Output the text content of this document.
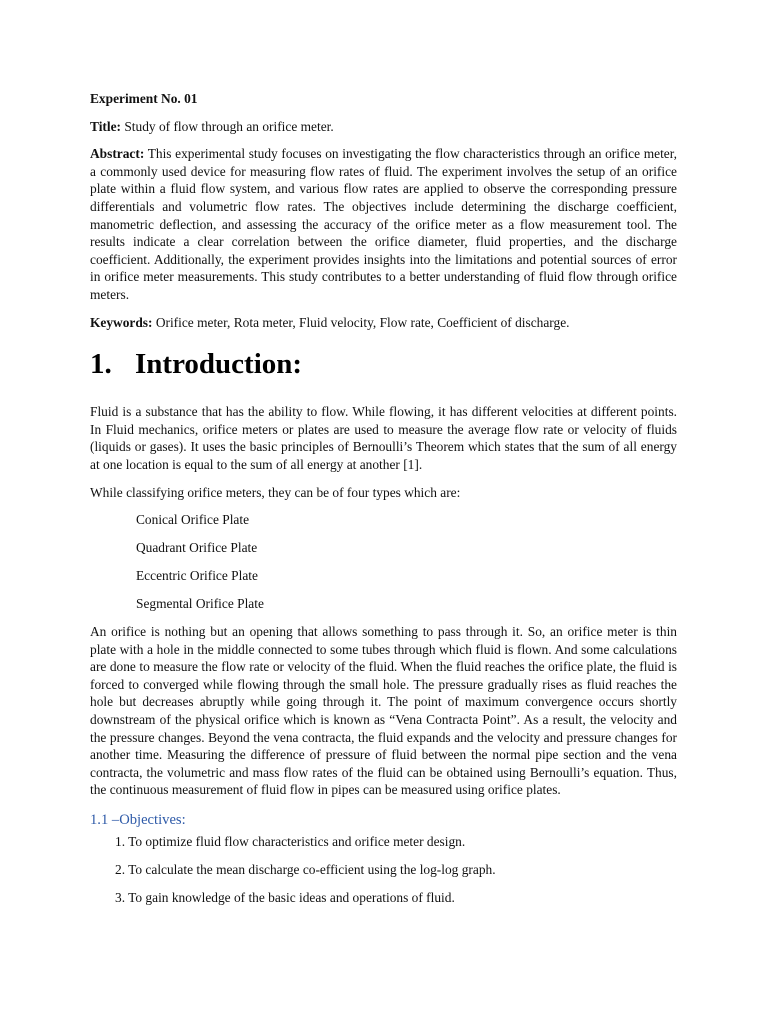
Experiment No. 01

Title: Study of flow through an orifice meter.

Abstract: This experimental study focuses on investigating the flow characteristics through an orifice meter, a commonly used device for measuring flow rates of fluid. The experiment involves the setup of an orifice plate within a fluid flow system, and various flow rates are applied to observe the corresponding pressure differentials and volumetric flow rates. The objectives include determining the discharge coefficient, manometric deflection, and assessing the accuracy of the orifice meter as a flow measurement tool. The results indicate a clear correlation between the orifice diameter, fluid properties, and the discharge coefficient. Additionally, the experiment provides insights into the limitations and potential sources of error in orifice meter measurements. This study contributes to a better understanding of fluid flow through orifice meters.

Keywords: Orifice meter, Rota meter, Fluid velocity, Flow rate, Coefficient of discharge.

1. Introduction:

Fluid is a substance that has the ability to flow. While flowing, it has different velocities at different points. In Fluid mechanics, orifice meters or plates are used to measure the average flow rate or velocity of fluids (liquids or gases). It uses the basic principles of Bernoulli’s Theorem which states that the sum of all energy at one location is equal to the sum of all energy at another [1].

While classifying orifice meters, they can be of four types which are:

Conical Orifice Plate
Quadrant Orifice Plate
Eccentric Orifice Plate
Segmental Orifice Plate

An orifice is nothing but an opening that allows something to pass through it. So, an orifice meter is thin plate with a hole in the middle connected to some tubes through which fluid is flown. And some calculations are done to measure the flow rate or velocity of the fluid. When the fluid reaches the orifice plate, the fluid is forced to converged while flowing through the small hole. The pressure gradually rises as fluid reaches the hole but decreases abruptly while going through it. The point of maximum convergence occurs shortly downstream of the physical orifice which is known as “Vena Contracta Point”. As a result, the velocity and the pressure changes. Beyond the vena contracta, the fluid expands and the velocity and pressure changes for another time. Measuring the difference of pressure of fluid between the normal pipe section and the vena contracta, the volumetric and mass flow rates of the fluid can be obtained using Bernoulli’s equation. Thus, the continuous measurement of fluid flow in pipes can be measured using orifice plates.

1.1 –Objectives:
1. To optimize fluid flow characteristics and orifice meter design.
2. To calculate the mean discharge co-efficient using the log-log graph.
3. To gain knowledge of the basic ideas and operations of fluid.
